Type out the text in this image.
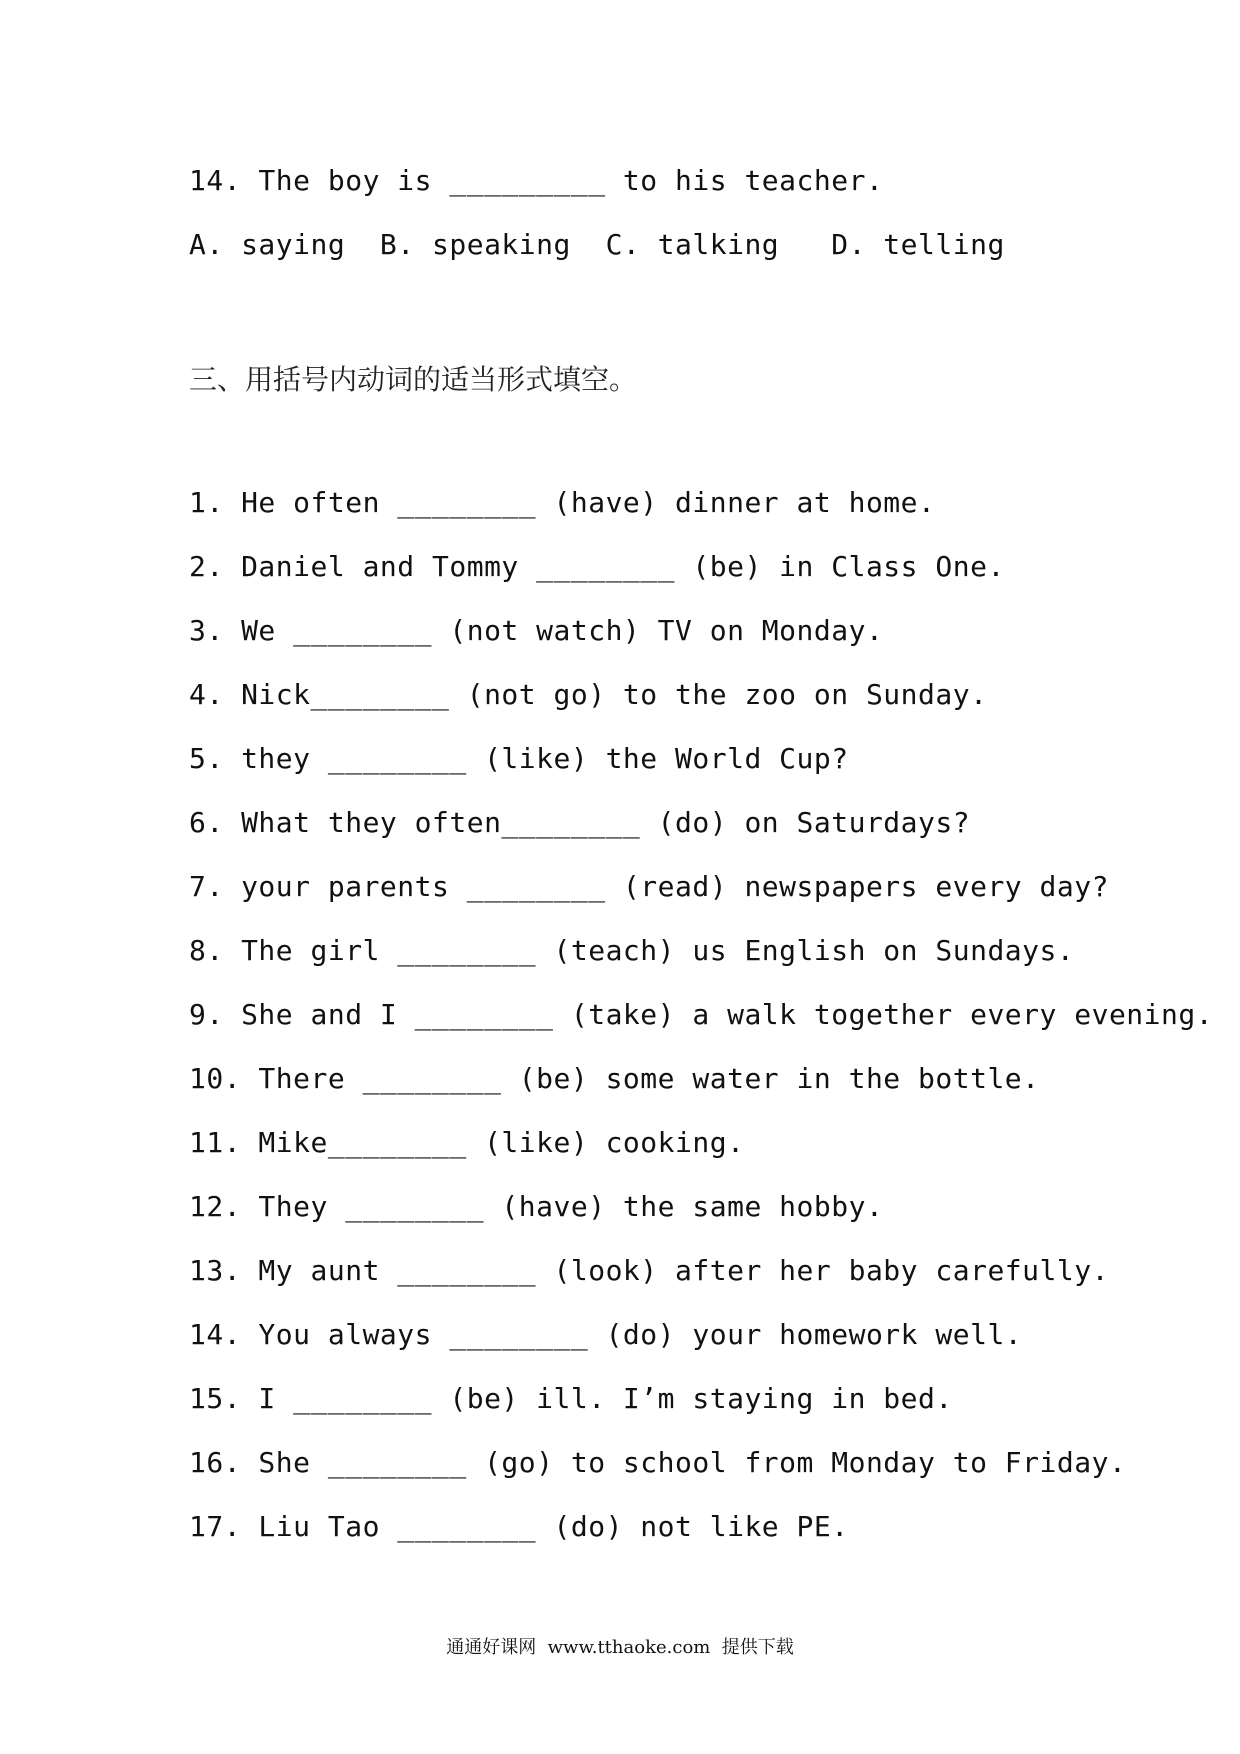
14. The boy is _________ to his teacher.
A. saying  B. speaking  C. talking   D. telling
三、用括号内动词的适当形式填空。
1. He often ________ (have) dinner at home.
2. Daniel and Tommy ________ (be) in Class One.
3. We ________ (not watch) TV on Monday.
4. Nick________ (not go) to the zoo on Sunday.
5. they ________ (like) the World Cup?
6. What they often________ (do) on Saturdays?
7. your parents ________ (read) newspapers every day?
8. The girl ________ (teach) us English on Sundays.
9. She and I ________ (take) a walk together every evening.
10. There ________ (be) some water in the bottle.
11. Mike________ (like) cooking.
12. They ________ (have) the same hobby.
13. My aunt ________ (look) after her baby carefully.
14. You always ________ (do) your homework well.
15. I ________ (be) ill. I’m staying in bed.
16. She ________ (go) to school from Monday to Friday.
17. Liu Tao ________ (do) not like PE.
通通好课网  www.tthaoke.com  提供下载
